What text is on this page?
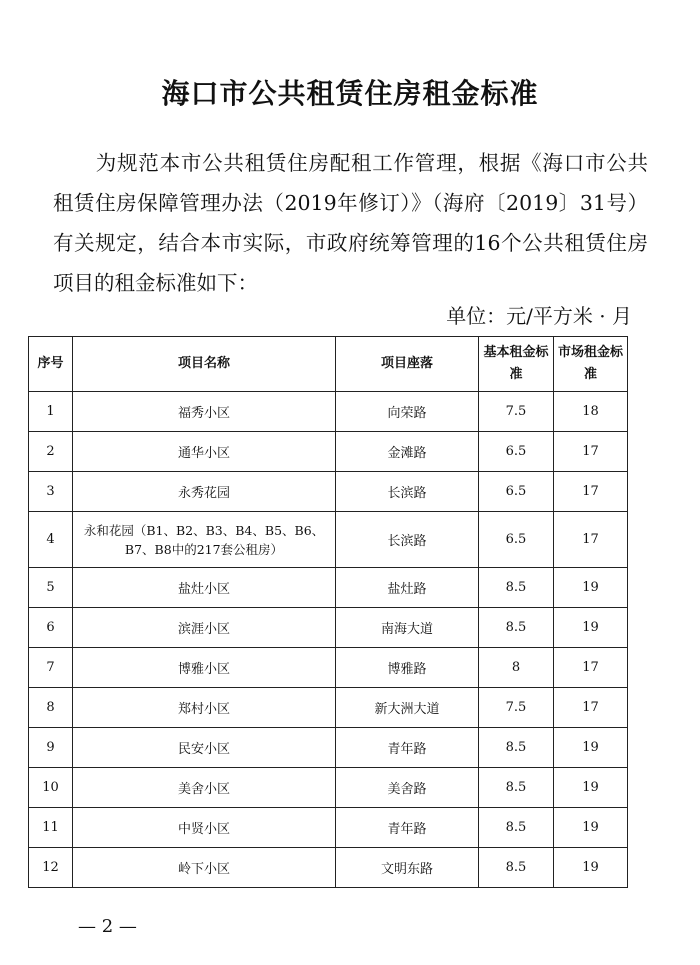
海口市公共租赁住房租金标准

为规范本市公共租赁住房配租工作管理，根据《海口市公共租赁住房保障管理办法（2019年修订）》（海府〔2019〕31号）有关规定，结合本市实际，市政府统筹管理的16个公共租赁住房项目的租金标准如下：

单位：元/平方米 · 月

序号	项目名称	项目座落	基本租金标准	市场租金标准
1	福秀小区	向荣路	7.5	18
2	通华小区	金滩路	6.5	17
3	永秀花园	长滨路	6.5	17
4	永和花园（B1、B2、B3、B4、B5、B6、B7、B8中的217套公租房）	长滨路	6.5	17
5	盐灶小区	盐灶路	8.5	19
6	滨涯小区	南海大道	8.5	19
7	博雅小区	博雅路	8	17
8	郑村小区	新大洲大道	7.5	17
9	民安小区	青年路	8.5	19
10	美舍小区	美舍路	8.5	19
11	中贤小区	青年路	8.5	19
12	岭下小区	文明东路	8.5	19

— 2 —
